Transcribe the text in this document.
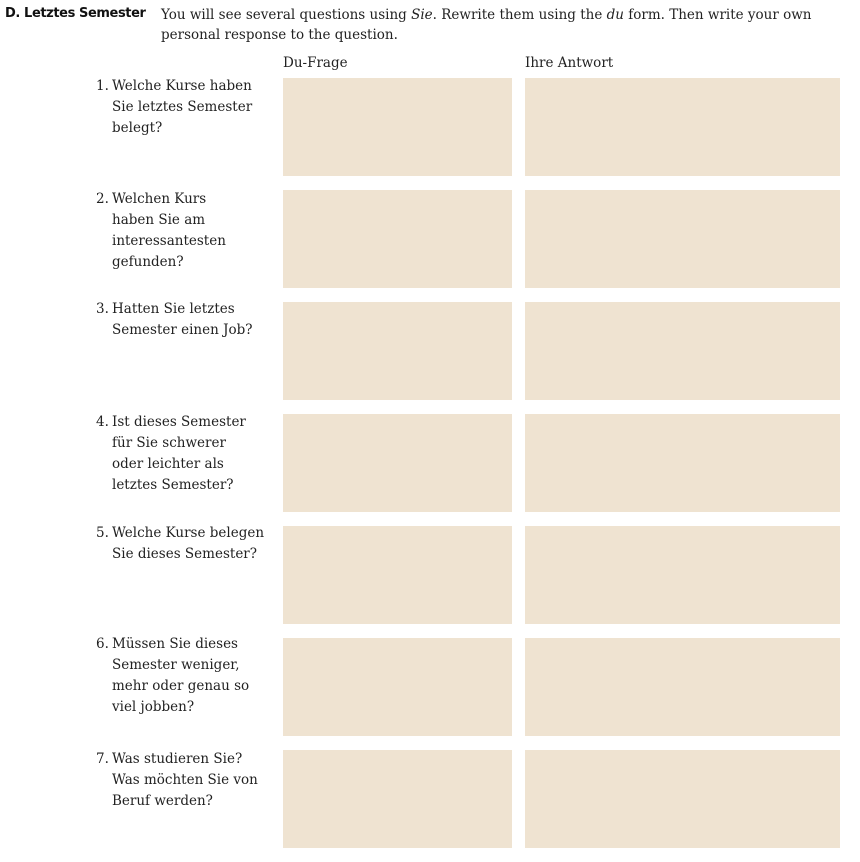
D. Letztes Semester You will see several questions using Sie. Rewrite them using the du form. Then write your own personal response to the question.
Du-Frage	Ihre Antwort
1. Welche Kurse haben Sie letztes Semester belegt?
2. Welchen Kurs haben Sie am interessantesten gefunden?
3. Hatten Sie letztes Semester einen Job?
4. Ist dieses Semester für Sie schwerer oder leichter als letztes Semester?
5. Welche Kurse belegen Sie dieses Semester?
6. Müssen Sie dieses Semester weniger, mehr oder genau so viel jobben?
7. Was studieren Sie? Was möchten Sie von Beruf werden?
